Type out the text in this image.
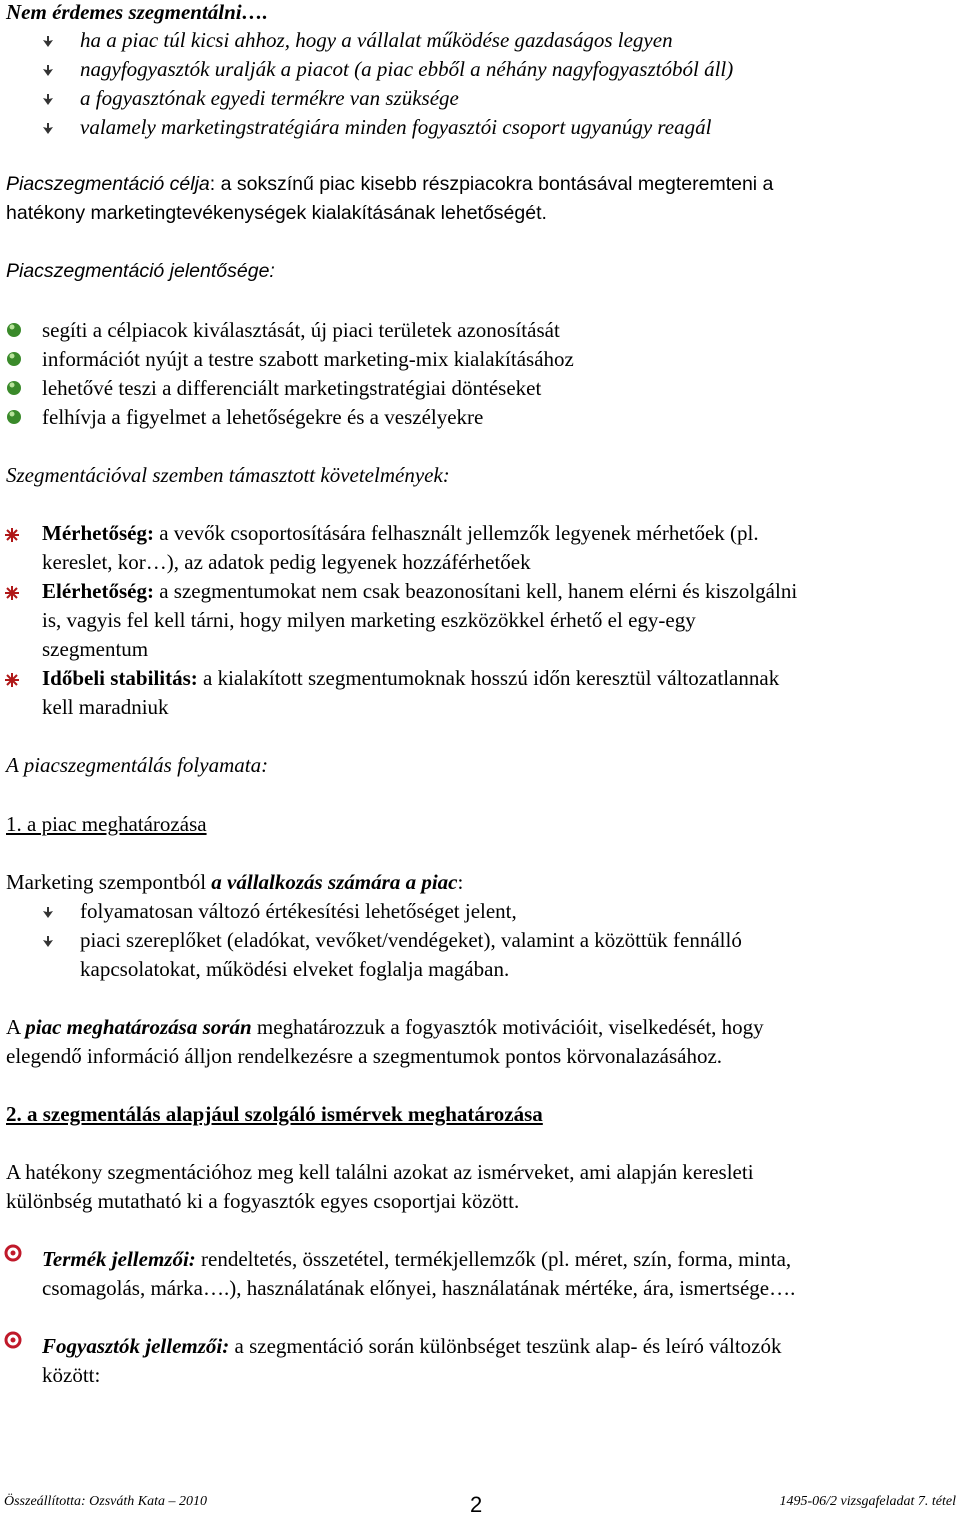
Nem érdemes szegmentálni….
ha a piac túl kicsi ahhoz, hogy a vállalat működése gazdaságos legyen
nagyfogyasztók uralják a piacot (a piac ebből a néhány nagyfogyasztóból áll)
a fogyasztónak egyedi termékre van szüksége
valamely marketingstratégiára minden fogyasztói csoport ugyanúgy reagál
Piacszegmentáció célja: a sokszínű piac kisebb részpiacokra bontásával megteremteni a
hatékony marketingtevékenységek kialakításának lehetőségét.
Piacszegmentáció jelentősége:
segíti a célpiacok kiválasztását, új piaci területek azonosítását
információt nyújt a testre szabott marketing-mix kialakításához
lehetővé teszi a differenciált marketingstratégiai döntéseket
felhívja a figyelmet a lehetőségekre és a veszélyekre
Szegmentációval szemben támasztott követelmények:
Mérhetőség: a vevők csoportosítására felhasznált jellemzők legyenek mérhetőek (pl.
kereslet, kor…), az adatok pedig legyenek hozzáférhetőek
Elérhetőség: a szegmentumokat nem csak beazonosítani kell, hanem elérni és kiszolgálni
is, vagyis fel kell tárni, hogy milyen marketing eszközökkel érhető el egy-egy
szegmentum
Időbeli stabilitás: a kialakított szegmentumoknak hosszú időn keresztül változatlannak
kell maradniuk
A piacszegmentálás folyamata:
1. a piac meghatározása
Marketing szempontból a vállalkozás számára a piac:
folyamatosan változó értékesítési lehetőséget jelent,
piaci szereplőket (eladókat, vevőket/vendégeket), valamint a közöttük fennálló
kapcsolatokat, működési elveket foglalja magában.
A piac meghatározása során meghatározzuk a fogyasztók motivációit, viselkedését, hogy
elegendő információ álljon rendelkezésre a szegmentumok pontos körvonalazásához.
2. a szegmentálás alapjául szolgáló ismérvek meghatározása
A hatékony szegmentációhoz meg kell találni azokat az ismérveket, ami alapján keresleti
különbség mutatható ki a fogyasztók egyes csoportjai között.
Termék jellemzői: rendeltetés, összetétel, termékjellemzők (pl. méret, szín, forma, minta,
csomagolás, márka….), használatának előnyei, használatának mértéke, ára, ismertsége….
Fogyasztók jellemzői: a szegmentáció során különbséget teszünk alap- és leíró változók
között:
Összeállította: Ozsváth Kata – 2010	2	1495-06/2 vizsgafeladat 7. tétel
